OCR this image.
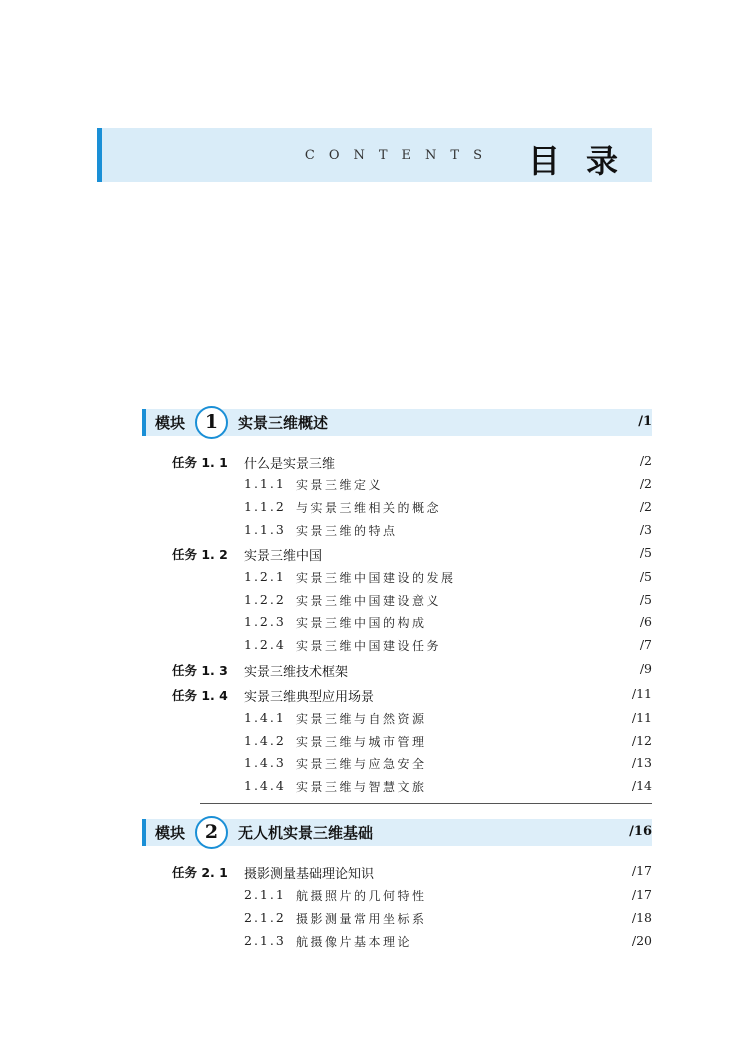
CONTENTS 目录
模块	1	实景三维概述	/1
任务 1. 1 什么是实景三维	/2
1.1.1 实景三维定义	/2
1.1.2 与实景三维相关的概念	/2
1.1.3 实景三维的特点	/3
任务 1. 2 实景三维中国	/5
1.2.1 实景三维中国建设的发展	/5
1.2.2 实景三维中国建设意义	/5
1.2.3 实景三维中国的构成	/6
1.2.4 实景三维中国建设任务	/7
任务 1. 3 实景三维技术框架	/9
任务 1. 4 实景三维典型应用场景	/11
1.4.1 实景三维与自然资源	/11
1.4.2 实景三维与城市管理	/12
1.4.3 实景三维与应急安全	/13
1.4.4 实景三维与智慧文旅	/14
模块	2	无人机实景三维基础	/16
任务 2. 1 摄影测量基础理论知识	/17
2.1.1 航摄照片的几何特性	/17
2.1.2 摄影测量常用坐标系	/18
2.1.3 航摄像片基本理论	/20
